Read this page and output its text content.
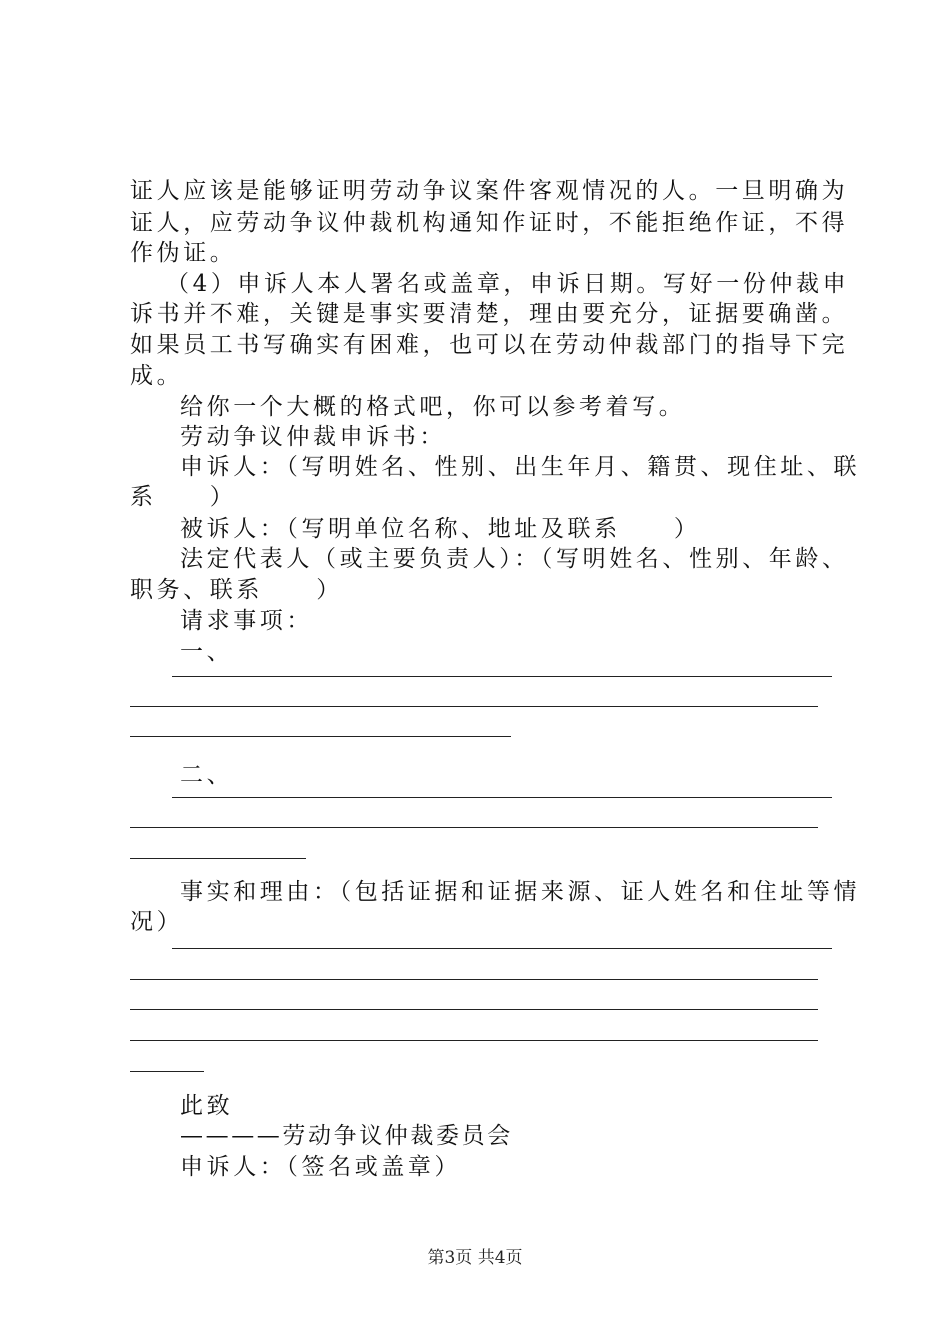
证人应该是能够证明劳动争议案件客观情况的人。一旦明确为
证人，应劳动争议仲裁机构通知作证时，不能拒绝作证，不得
作伪证。
（4）申诉人本人署名或盖章，申诉日期。写好一份仲裁申
诉书并不难，关键是事实要清楚，理由要充分，证据要确凿。
如果员工书写确实有困难，也可以在劳动仲裁部门的指导下完
成。
给你一个大概的格式吧，你可以参考着写。
劳动争议仲裁申诉书：
申诉人：（写明姓名、性别、出生年月、籍贯、现住址、联
系　　）
被诉人：（写明单位名称、地址及联系　　）
法定代表人（或主要负责人）：（写明姓名、性别、年龄、
职务、联系　　）
请求事项：
一、
二、
事实和理由：（包括证据和证据来源、证人姓名和住址等情
况）
此致
————劳动争议仲裁委员会
申诉人：（签名或盖章）
第3页 共4页
